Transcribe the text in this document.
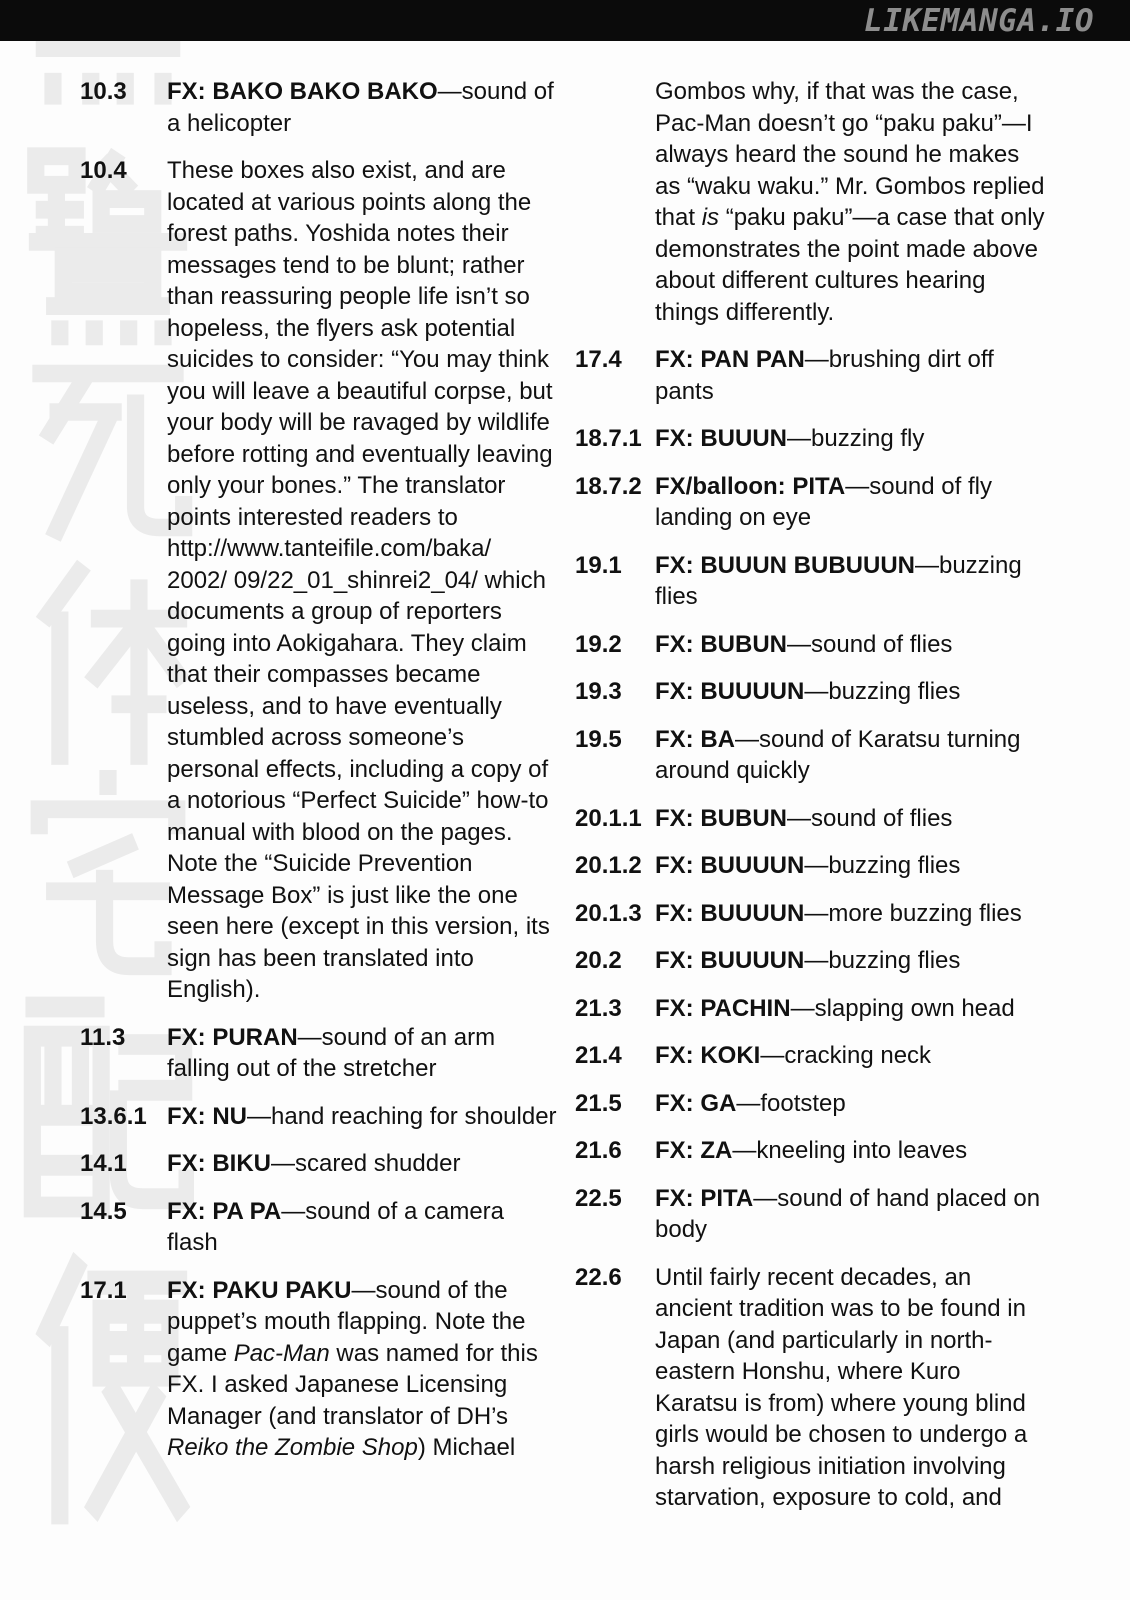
LIKEMANGA.IO
10.3	FX: BAKO BAKO BAKO—sound of a helicopter
10.4	These boxes also exist, and are located at various points along the forest paths. Yoshida notes their messages tend to be blunt; rather than reassuring people life isn’t so hopeless, the flyers ask potential suicides to consider: “You may think you will leave a beautiful corpse, but your body will be ravaged by wildlife before rotting and eventually leaving only your bones.” The translator points interested readers to http://www.tanteifile.com/baka/ 2002/ 09/22_01_shinrei2_04/ which documents a group of reporters going into Aokigahara. They claim that their compasses became useless, and to have eventually stumbled across someone’s personal effects, including a copy of a notorious “Perfect Suicide” how-to manual with blood on the pages. Note the “Suicide Prevention Message Box” is just like the one seen here (except in this version, its sign has been translated into English).
11.3	FX: PURAN—sound of an arm falling out of the stretcher
13.6.1 FX: NU—hand reaching for shoulder
14.1	FX: BIKU—scared shudder
14.5	FX: PA PA—sound of a camera flash
17.1	FX: PAKU PAKU—sound of the puppet’s mouth flapping. Note the game Pac-Man was named for this FX. I asked Japanese Licensing Manager (and translator of DH’s Reiko the Zombie Shop) Michael
Gombos why, if that was the case, Pac-Man doesn’t go “paku paku”—I always heard the sound he makes as “waku waku.” Mr. Gombos replied that is “paku paku”—a case that only demonstrates the point made above about different cultures hearing things differently.
17.4	FX: PAN PAN—brushing dirt off pants
18.7.1 FX: BUUUN—buzzing fly
18.7.2 FX/balloon: PITA—sound of fly landing on eye
19.1	FX: BUUUN BUBUUUN—buzzing flies
19.2	FX: BUBUN—sound of flies
19.3	FX: BUUUUN—buzzing flies
19.5	FX: BA—sound of Karatsu turning around quickly
20.1.1 FX: BUBUN—sound of flies
20.1.2 FX: BUUUUN—buzzing flies
20.1.3 FX: BUUUUN—more buzzing flies
20.2	FX: BUUUUN—buzzing flies
21.3	FX: PACHIN—slapping own head
21.4	FX: KOKI—cracking neck
21.5	FX: GA—footstep
21.6	FX: ZA—kneeling into leaves
22.5	FX: PITA—sound of hand placed on body
22.6	Until fairly recent decades, an ancient tradition was to be found in Japan (and particularly in north-eastern Honshu, where Kuro Karatsu is from) where young blind girls would be chosen to undergo a harsh religious initiation involving starvation, exposure to cold, and
